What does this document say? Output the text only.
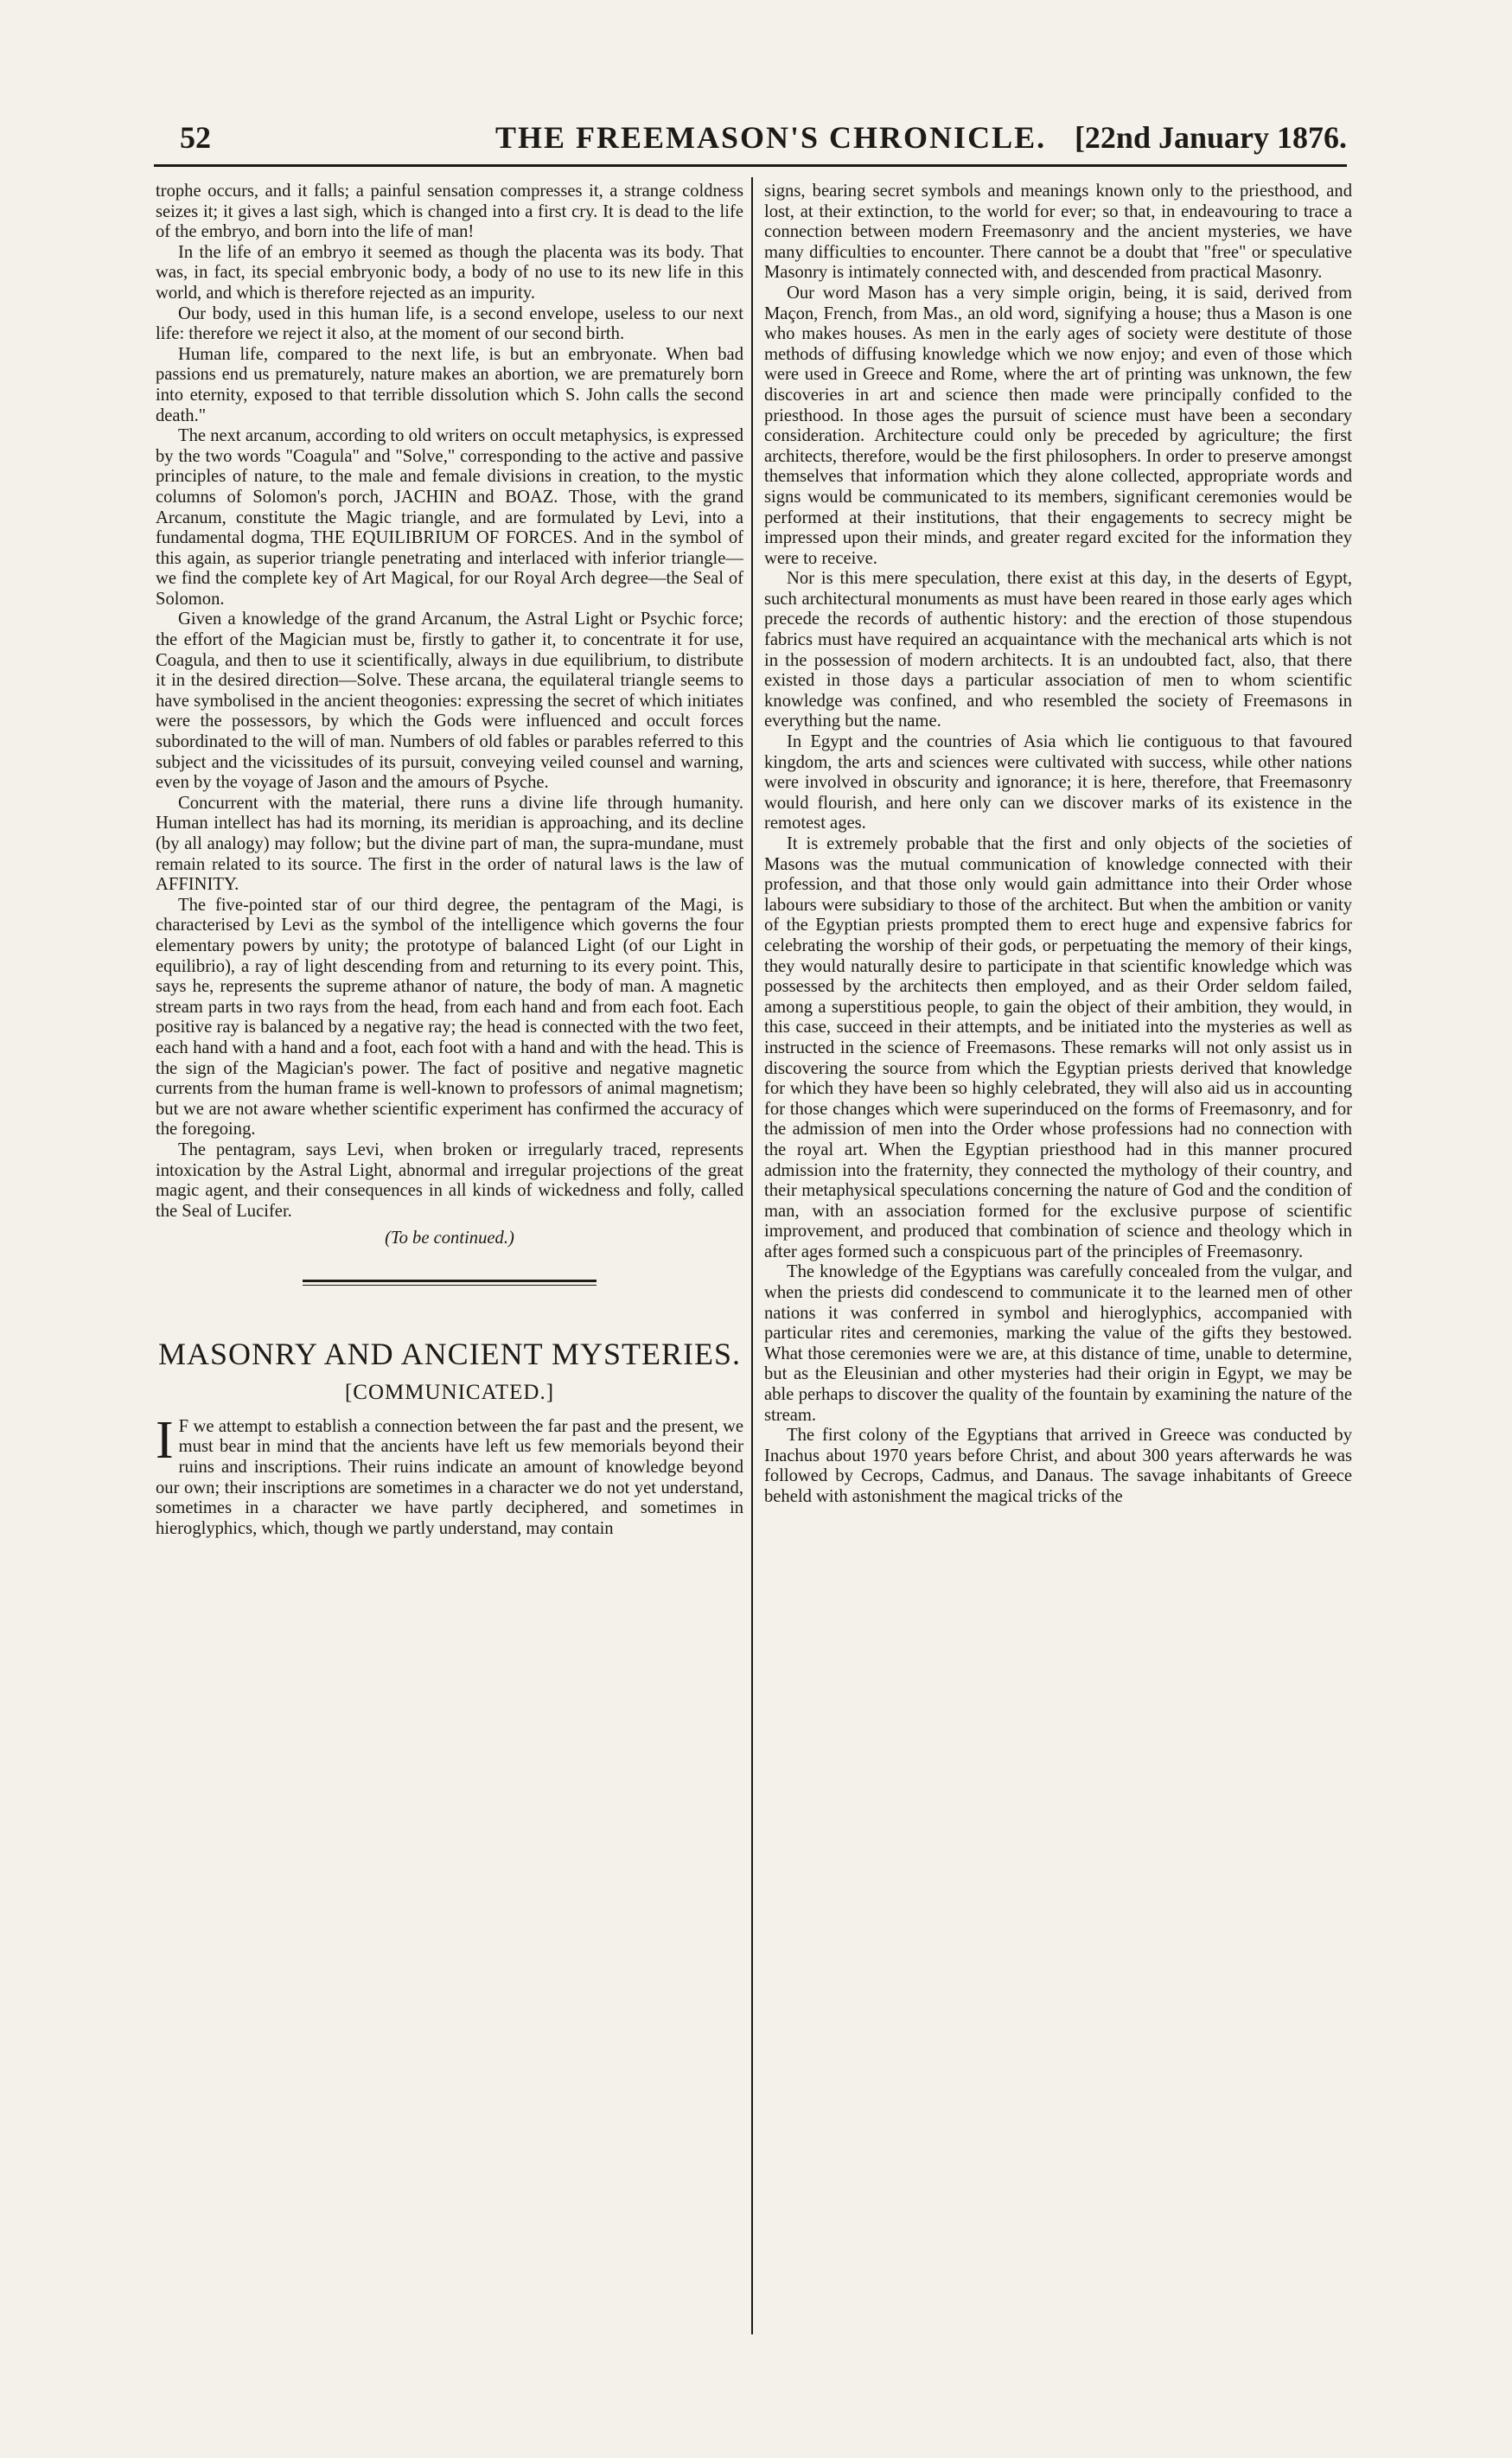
52	THE FREEMASON'S CHRONICLE. [22nd January 1876.

trophe occurs, and it falls; a painful sensation compresses it, a strange coldness seizes it; it gives a last sigh, which is changed into a first cry. It is dead to the life of the embryo, and born into the life of man!

In the life of an embryo it seemed as though the placenta was its body. That was, in fact, its special embryonic body, a body of no use to its new life in this world, and which is therefore rejected as an impurity.

Our body, used in this human life, is a second envelope, useless to our next life: therefore we reject it also, at the moment of our second birth.

Human life, compared to the next life, is but an embryonate. When bad passions end us prematurely, nature makes an abortion, we are prematurely born into eternity, exposed to that terrible dissolution which S. John calls the second death."

The next arcanum, according to old writers on occult metaphysics, is expressed by the two words "Coagula" and "Solve," corresponding to the active and passive principles of nature, to the male and female divisions in creation, to the mystic columns of Solomon's porch, JACHIN and BOAZ. Those, with the grand Arcanum, constitute the Magic triangle, and are formulated by Levi, into a fundamental dogma, THE EQUILIBRIUM OF FORCES. And in the symbol of this again, as superior triangle penetrating and interlaced with inferior triangle—we find the complete key of Art Magical, for our Royal Arch degree—the Seal of Solomon.

Given a knowledge of the grand Arcanum, the Astral Light or Psychic force; the effort of the Magician must be, firstly to gather it, to concentrate it for use, Coagula, and then to use it scientifically, always in due equilibrium, to distribute it in the desired direction—Solve. These arcana, the equilateral triangle seems to have symbolised in the ancient theogonies: expressing the secret of which initiates were the possessors, by which the Gods were influenced and occult forces subordinated to the will of man. Numbers of old fables or parables referred to this subject and the vicissitudes of its pursuit, conveying veiled counsel and warning, even by the voyage of Jason and the amours of Psyche.

Concurrent with the material, there runs a divine life through humanity. Human intellect has had its morning, its meridian is approaching, and its decline (by all analogy) may follow; but the divine part of man, the supra-mundane, must remain related to its source. The first in the order of natural laws is the law of AFFINITY.

The five-pointed star of our third degree, the pentagram of the Magi, is characterised by Levi as the symbol of the intelligence which governs the four elementary powers by unity; the prototype of balanced Light (of our Light in equilibrio), a ray of light descending from and returning to its every point. This, says he, represents the supreme athanor of nature, the body of man. A magnetic stream parts in two rays from the head, from each hand and from each foot. Each positive ray is balanced by a negative ray; the head is connected with the two feet, each hand with a hand and a foot, each foot with a hand and with the head. This is the sign of the Magician's power. The fact of positive and negative magnetic currents from the human frame is well-known to professors of animal magnetism; but we are not aware whether scientific experiment has confirmed the accuracy of the foregoing.

The pentagram, says Levi, when broken or irregularly traced, represents intoxication by the Astral Light, abnormal and irregular projections of the great magic agent, and their consequences in all kinds of wickedness and folly, called the Seal of Lucifer.

(To be continued.)

MASONRY AND ANCIENT MYSTERIES.
[COMMUNICATED.]

I F we attempt to establish a connection between the far past and the present, we must bear in mind that the ancients have left us few memorials beyond their ruins and inscriptions. Their ruins indicate an amount of knowledge beyond our own; their inscriptions are sometimes in a character we do not yet understand, sometimes in a character we have partly deciphered, and sometimes in hieroglyphics, which, though we partly understand, may contain

signs, bearing secret symbols and meanings known only to the priesthood, and lost, at their extinction, to the world for ever; so that, in endeavouring to trace a connection between modern Freemasonry and the ancient mysteries, we have many difficulties to encounter. There cannot be a doubt that "free" or speculative Masonry is intimately connected with, and descended from practical Masonry.

Our word Mason has a very simple origin, being, it is said, derived from Maçon, French, from Mas., an old word, signifying a house; thus a Mason is one who makes houses. As men in the early ages of society were destitute of those methods of diffusing knowledge which we now enjoy; and even of those which were used in Greece and Rome, where the art of printing was unknown, the few discoveries in art and science then made were principally confided to the priesthood. In those ages the pursuit of science must have been a secondary consideration. Architecture could only be preceded by agriculture; the first architects, therefore, would be the first philosophers. In order to preserve amongst themselves that information which they alone collected, appropriate words and signs would be communicated to its members, significant ceremonies would be performed at their institutions, that their engagements to secrecy might be impressed upon their minds, and greater regard excited for the information they were to receive.

Nor is this mere speculation, there exist at this day, in the deserts of Egypt, such architectural monuments as must have been reared in those early ages which precede the records of authentic history: and the erection of those stupendous fabrics must have required an acquaintance with the mechanical arts which is not in the possession of modern architects. It is an undoubted fact, also, that there existed in those days a particular association of men to whom scientific knowledge was confined, and who resembled the society of Freemasons in everything but the name.

In Egypt and the countries of Asia which lie contiguous to that favoured kingdom, the arts and sciences were cultivated with success, while other nations were involved in obscurity and ignorance; it is here, therefore, that Freemasonry would flourish, and here only can we discover marks of its existence in the remotest ages.

It is extremely probable that the first and only objects of the societies of Masons was the mutual communication of knowledge connected with their profession, and that those only would gain admittance into their Order whose labours were subsidiary to those of the architect. But when the ambition or vanity of the Egyptian priests prompted them to erect huge and expensive fabrics for celebrating the worship of their gods, or perpetuating the memory of their kings, they would naturally desire to participate in that scientific knowledge which was possessed by the architects then employed, and as their Order seldom failed, among a superstitious people, to gain the object of their ambition, they would, in this case, succeed in their attempts, and be initiated into the mysteries as well as instructed in the science of Freemasons. These remarks will not only assist us in discovering the source from which the Egyptian priests derived that knowledge for which they have been so highly celebrated, they will also aid us in accounting for those changes which were superinduced on the forms of Freemasonry, and for the admission of men into the Order whose professions had no connection with the royal art. When the Egyptian priesthood had in this manner procured admission into the fraternity, they connected the mythology of their country, and their metaphysical speculations concerning the nature of God and the condition of man, with an association formed for the exclusive purpose of scientific improvement, and produced that combination of science and theology which in after ages formed such a conspicuous part of the principles of Freemasonry.

The knowledge of the Egyptians was carefully concealed from the vulgar, and when the priests did condescend to communicate it to the learned men of other nations it was conferred in symbol and hieroglyphics, accompanied with particular rites and ceremonies, marking the value of the gifts they bestowed. What those ceremonies were we are, at this distance of time, unable to determine, but as the Eleusinian and other mysteries had their origin in Egypt, we may be able perhaps to discover the quality of the fountain by examining the nature of the stream.

The first colony of the Egyptians that arrived in Greece was conducted by Inachus about 1970 years before Christ, and about 300 years afterwards he was followed by Cecrops, Cadmus, and Danaus. The savage inhabitants of Greece beheld with astonishment the magical tricks of the
